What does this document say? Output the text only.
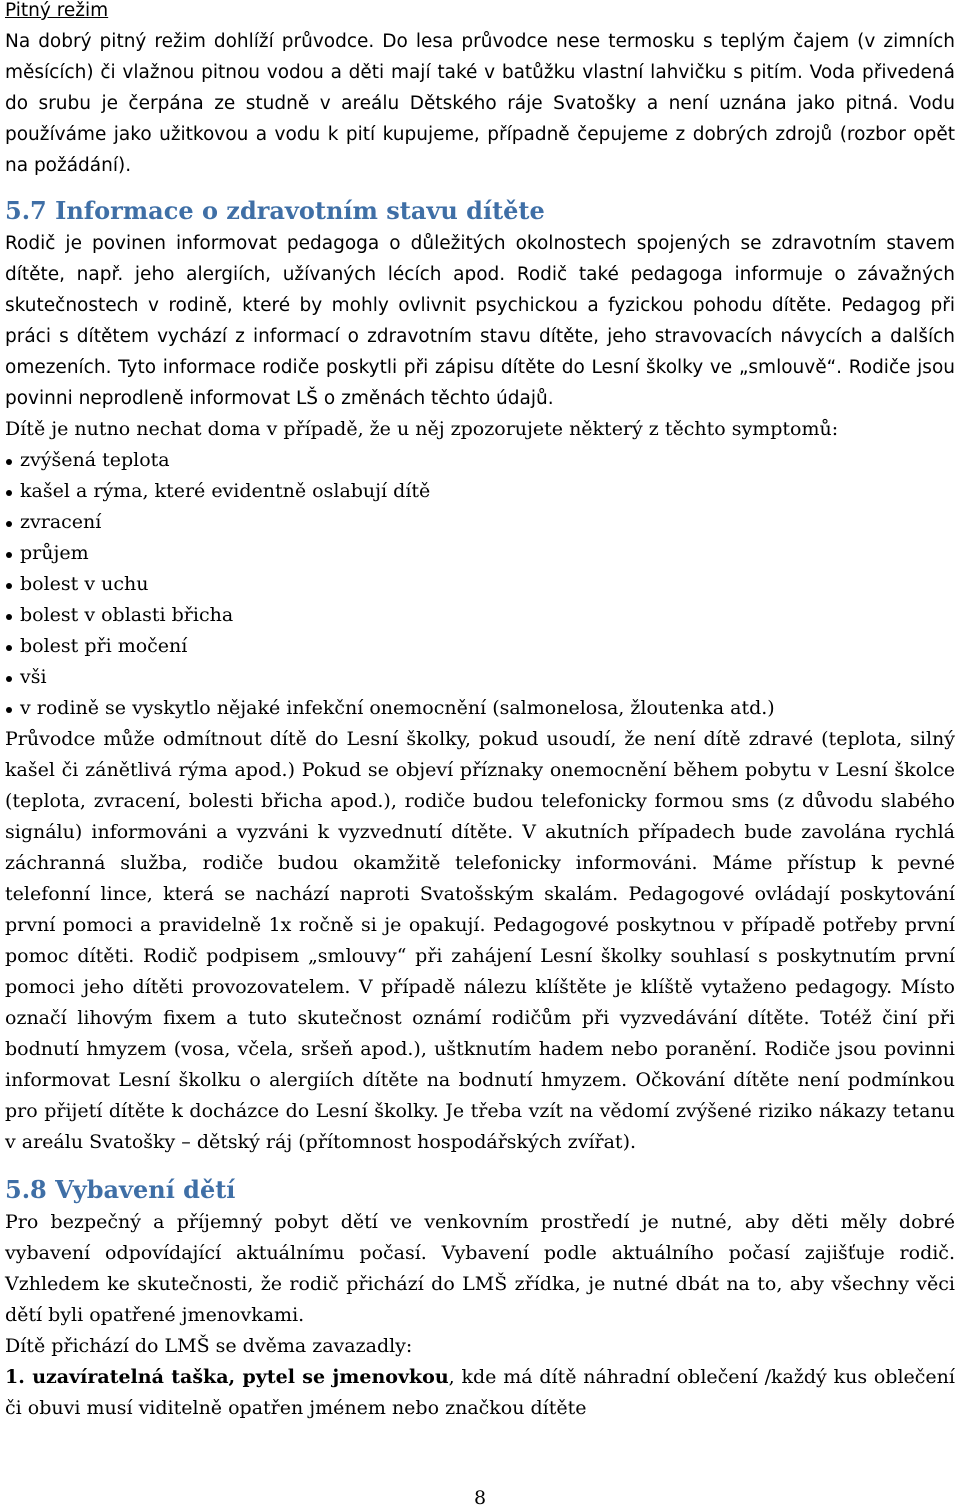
Pitný režim

Na dobrý pitný režim dohlíží průvodce. Do lesa průvodce nese termosku s teplým čajem (v zimních měsících) či vlažnou pitnou vodou a děti mají také v batůžku vlastní lahvičku s pitím. Voda přivedená do srubu je čerpána ze studně v areálu Dětského ráje Svatošky a není uznána jako pitná. Vodu používáme jako užitkovou a vodu k pití kupujeme, případně čepujeme z dobrých zdrojů (rozbor opět na požádání).

5.7 Informace o zdravotním stavu dítěte

Rodič je povinen informovat pedagoga o důležitých okolnostech spojených se zdravotním stavem dítěte, např. jeho alergiích, užívaných lécích apod. Rodič také pedagoga informuje o závažných skutečnostech v rodině, které by mohly ovlivnit psychickou a fyzickou pohodu dítěte. Pedagog při práci s dítětem vychází z informací o zdravotním stavu dítěte, jeho stravovacích návycích a dalších omezeních. Tyto informace rodiče poskytli při zápisu dítěte do Lesní školky ve „smlouvě“. Rodiče jsou povinni neprodleně informovat LŠ o změnách těchto údajů.

Dítě je nutno nechat doma v případě, že u něj zpozorujete některý z těchto symptomů:

zvýšená teplota
kašel a rýma, které evidentně oslabují dítě
zvracení
průjem
bolest v uchu
bolest v oblasti břicha
bolest při močení
vši
v rodině se vyskytlo nějaké infekční onemocnění (salmonelosa, žloutenka atd.)

Průvodce může odmítnout dítě do Lesní školky, pokud usoudí, že není dítě zdravé (teplota, silný kašel či zánětlivá rýma apod.) Pokud se objeví příznaky onemocnění během pobytu v Lesní školce (teplota, zvracení, bolesti břicha apod.), rodiče budou telefonicky formou sms (z důvodu slabého signálu) informováni a vyzváni k vyzvednutí dítěte. V akutních případech bude zavolána rychlá záchranná služba, rodiče budou okamžitě telefonicky informováni. Máme přístup k pevné telefonní lince, která se nachází naproti Svatošským skalám. Pedagogové ovládají poskytování první pomoci a pravidelně 1x ročně si je opakují. Pedagogové poskytnou v případě potřeby první pomoc dítěti. Rodič podpisem „smlouvy“ při zahájení Lesní školky souhlasí s poskytnutím první pomoci jeho dítěti provozovatelem. V případě nálezu klíštěte je klíště vytaženo pedagogy. Místo označí lihovým fixem a tuto skutečnost oznámí rodičům při vyzvedávání dítěte. Totéž činí při bodnutí hmyzem (vosa, včela, sršeň apod.), uštknutím hadem nebo poranění. Rodiče jsou povinni informovat Lesní školku o alergiích dítěte na bodnutí hmyzem. Očkování dítěte není podmínkou pro přijetí dítěte k docházce do Lesní školky. Je třeba vzít na vědomí zvýšené riziko nákazy tetanu v areálu Svatošky – dětský ráj (přítomnost hospodářských zvířat).

5.8 Vybavení dětí

Pro bezpečný a příjemný pobyt dětí ve venkovním prostředí je nutné, aby děti měly dobré vybavení odpovídající aktuálnímu počasí. Vybavení podle aktuálního počasí zajišťuje rodič. Vzhledem ke skutečnosti, že rodič přichází do LMŠ zřídka, je nutné dbát na to, aby všechny věci dětí byli opatřené jmenovkami.

Dítě přichází do LMŠ se dvěma zavazadly:

1. uzavíratelná taška, pytel se jmenovkou, kde má dítě náhradní oblečení /každý kus oblečení či obuvi musí viditelně opatřen jménem nebo značkou dítěte

8
